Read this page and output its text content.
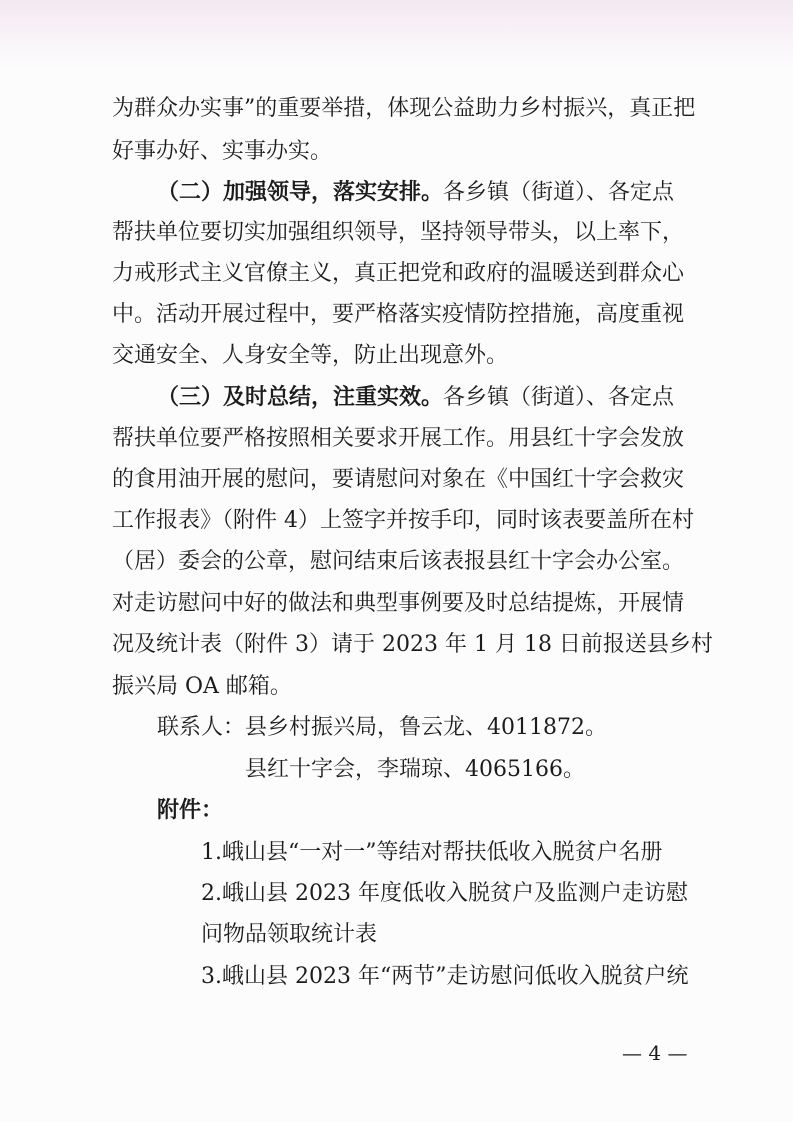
为群众办实事”的重要举措，体现公益助力乡村振兴，真正把
好事办好、实事办实。
（二）加强领导，落实安排。各乡镇（街道）、各定点
帮扶单位要切实加强组织领导，坚持领导带头，以上率下，
力戒形式主义官僚主义，真正把党和政府的温暖送到群众心
中。活动开展过程中，要严格落实疫情防控措施，高度重视
交通安全、人身安全等，防止出现意外。
（三）及时总结，注重实效。各乡镇（街道）、各定点
帮扶单位要严格按照相关要求开展工作。用县红十字会发放
的食用油开展的慰问，要请慰问对象在《中国红十字会救灾
工作报表》（附件 4）上签字并按手印，同时该表要盖所在村
（居）委会的公章，慰问结束后该表报县红十字会办公室。
对走访慰问中好的做法和典型事例要及时总结提炼，开展情
况及统计表（附件 3）请于 2023 年 1 月 18 日前报送县乡村
振兴局 OA 邮箱。
联系人：县乡村振兴局，鲁云龙、4011872。
县红十字会，李瑞琼、4065166。
附件：
1.峨山县“一对一”等结对帮扶低收入脱贫户名册
2.峨山县 2023 年度低收入脱贫户及监测户走访慰
问物品领取统计表
3.峨山县 2023 年“两节”走访慰问低收入脱贫户统
— 4 —
